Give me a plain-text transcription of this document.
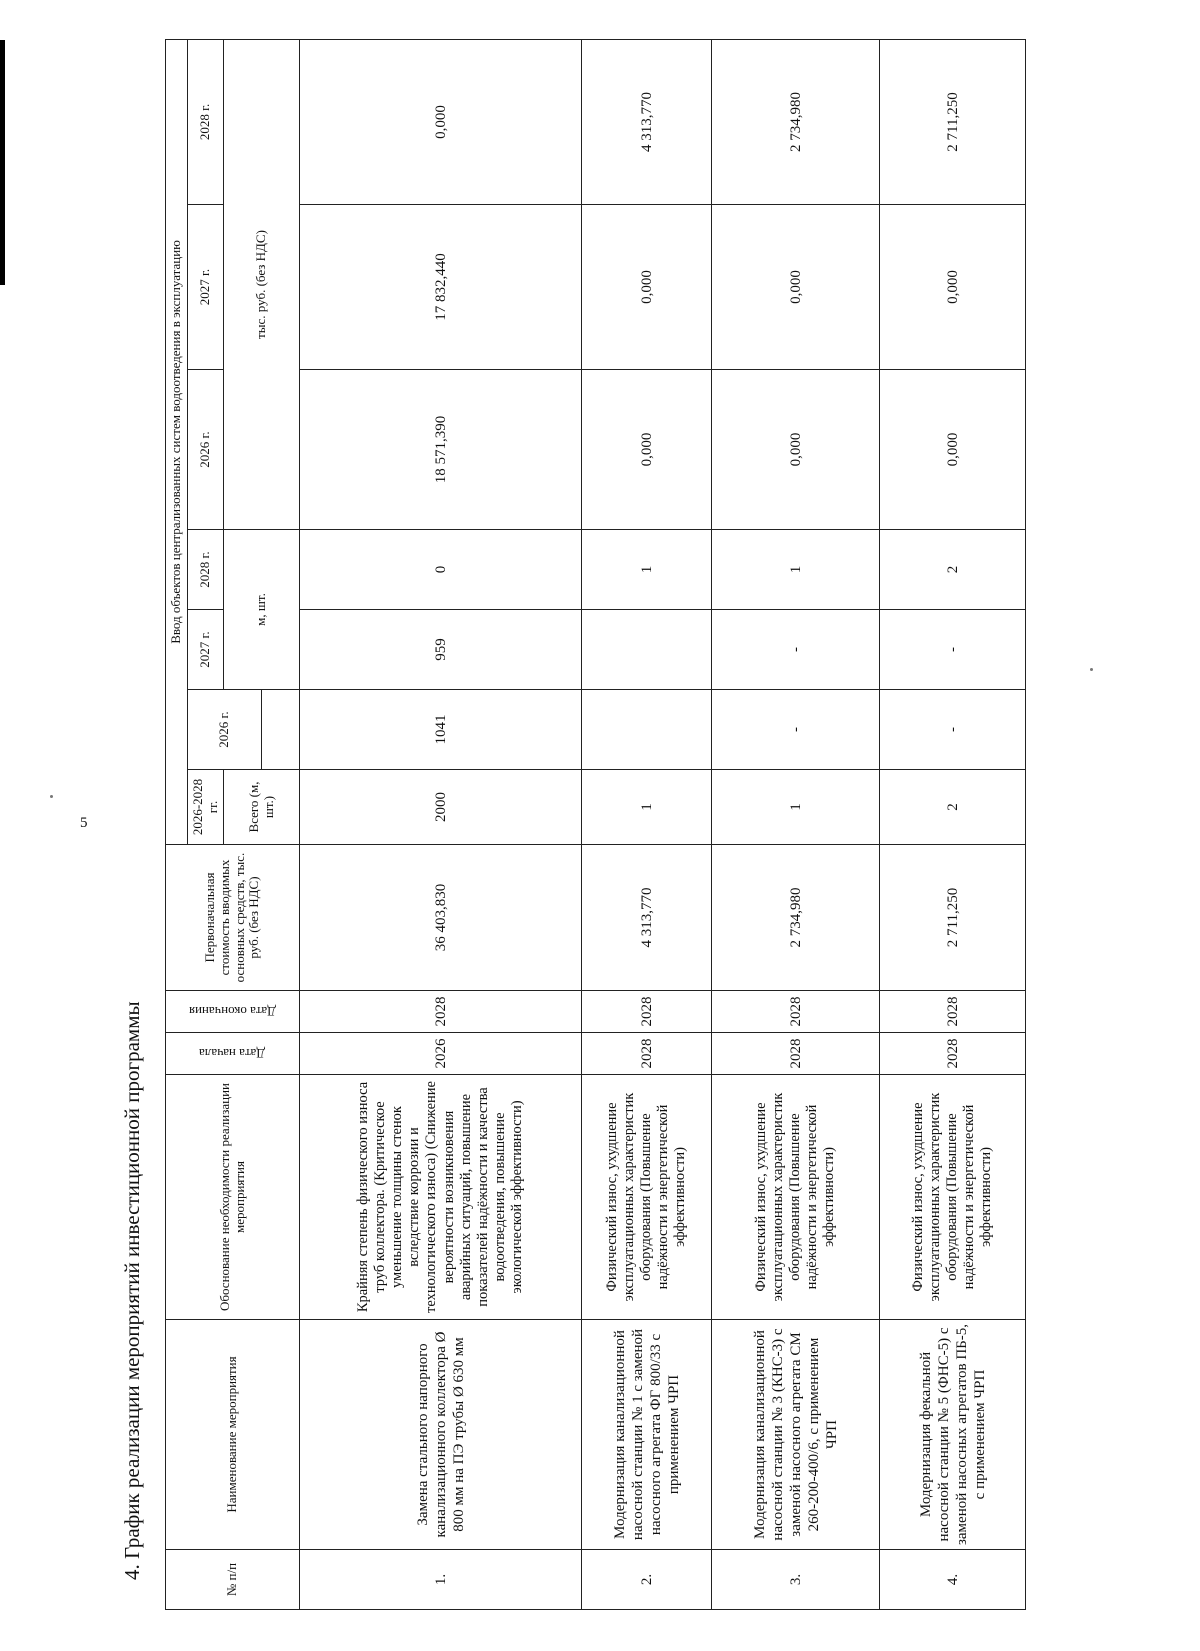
5
4. График реализации мероприятий инвестиционной программы	№ п/п	Наименование мероприятия	Обоснование необходимости реализации мероприятия	Дата начала	Дата окончания	Первоначальная стоимость вводимых основных средств, тыс. руб. (без НДС)	Ввод объектов централизованных систем водоотведения в эксплуатацию						
						2026-2028 гг.	2026 г.	2027 г.	2028 г.	2026 г.	2027 г.	2028 г.
						Всего (м, шт.)		м, шт.		тыс. руб. (без НДС)		

1.	Замена стального напорного канализационного коллектора Ø 800 мм на ПЭ трубы Ø 630 мм	Крайняя степень физического износа труб коллектора. (Критическое уменьшение толщины стенок вследствие коррозии и технологического износа) (Снижение вероятности возникновения аварийных ситуаций, повышение показателей надёжности и качества водоотведения, повышение экологической эффективности)	2026	2028	36 403,830	2000	1041	959	0	18 571,390	17 832,440	0,000
2.	Модернизация канализационной насосной станции № 1 с заменой насосного агрегата ФГ 800/33 с применением ЧРП	Физический износ, ухудшение эксплуатационных характеристик оборудования (Повышение надёжности и энергетической эффективности)	2028	2028	4 313,770	1			1	0,000	0,000	4 313,770
3.	Модернизация канализационной насосной станции № 3 (КНС-3) с заменой насосного агрегата СМ 260-200-400/6, с применением ЧРП	Физический износ, ухудшение эксплуатационных характеристик оборудования (Повышение надёжности и энергетической эффективности)	2028	2028	2 734,980	1	-	-	1	0,000	0,000	2 734,980
4.	Модернизация фекальной насосной станции № 5 (ФНС-5) с заменой насосных агрегатов ПБ-5, с применением ЧРП	Физический износ, ухудшение эксплуатационных характеристик оборудования (Повышение надёжности и энергетической эффективности)	2028	2028	2 711,250	2	-	-	2	0,000	0,000	2 711,250
